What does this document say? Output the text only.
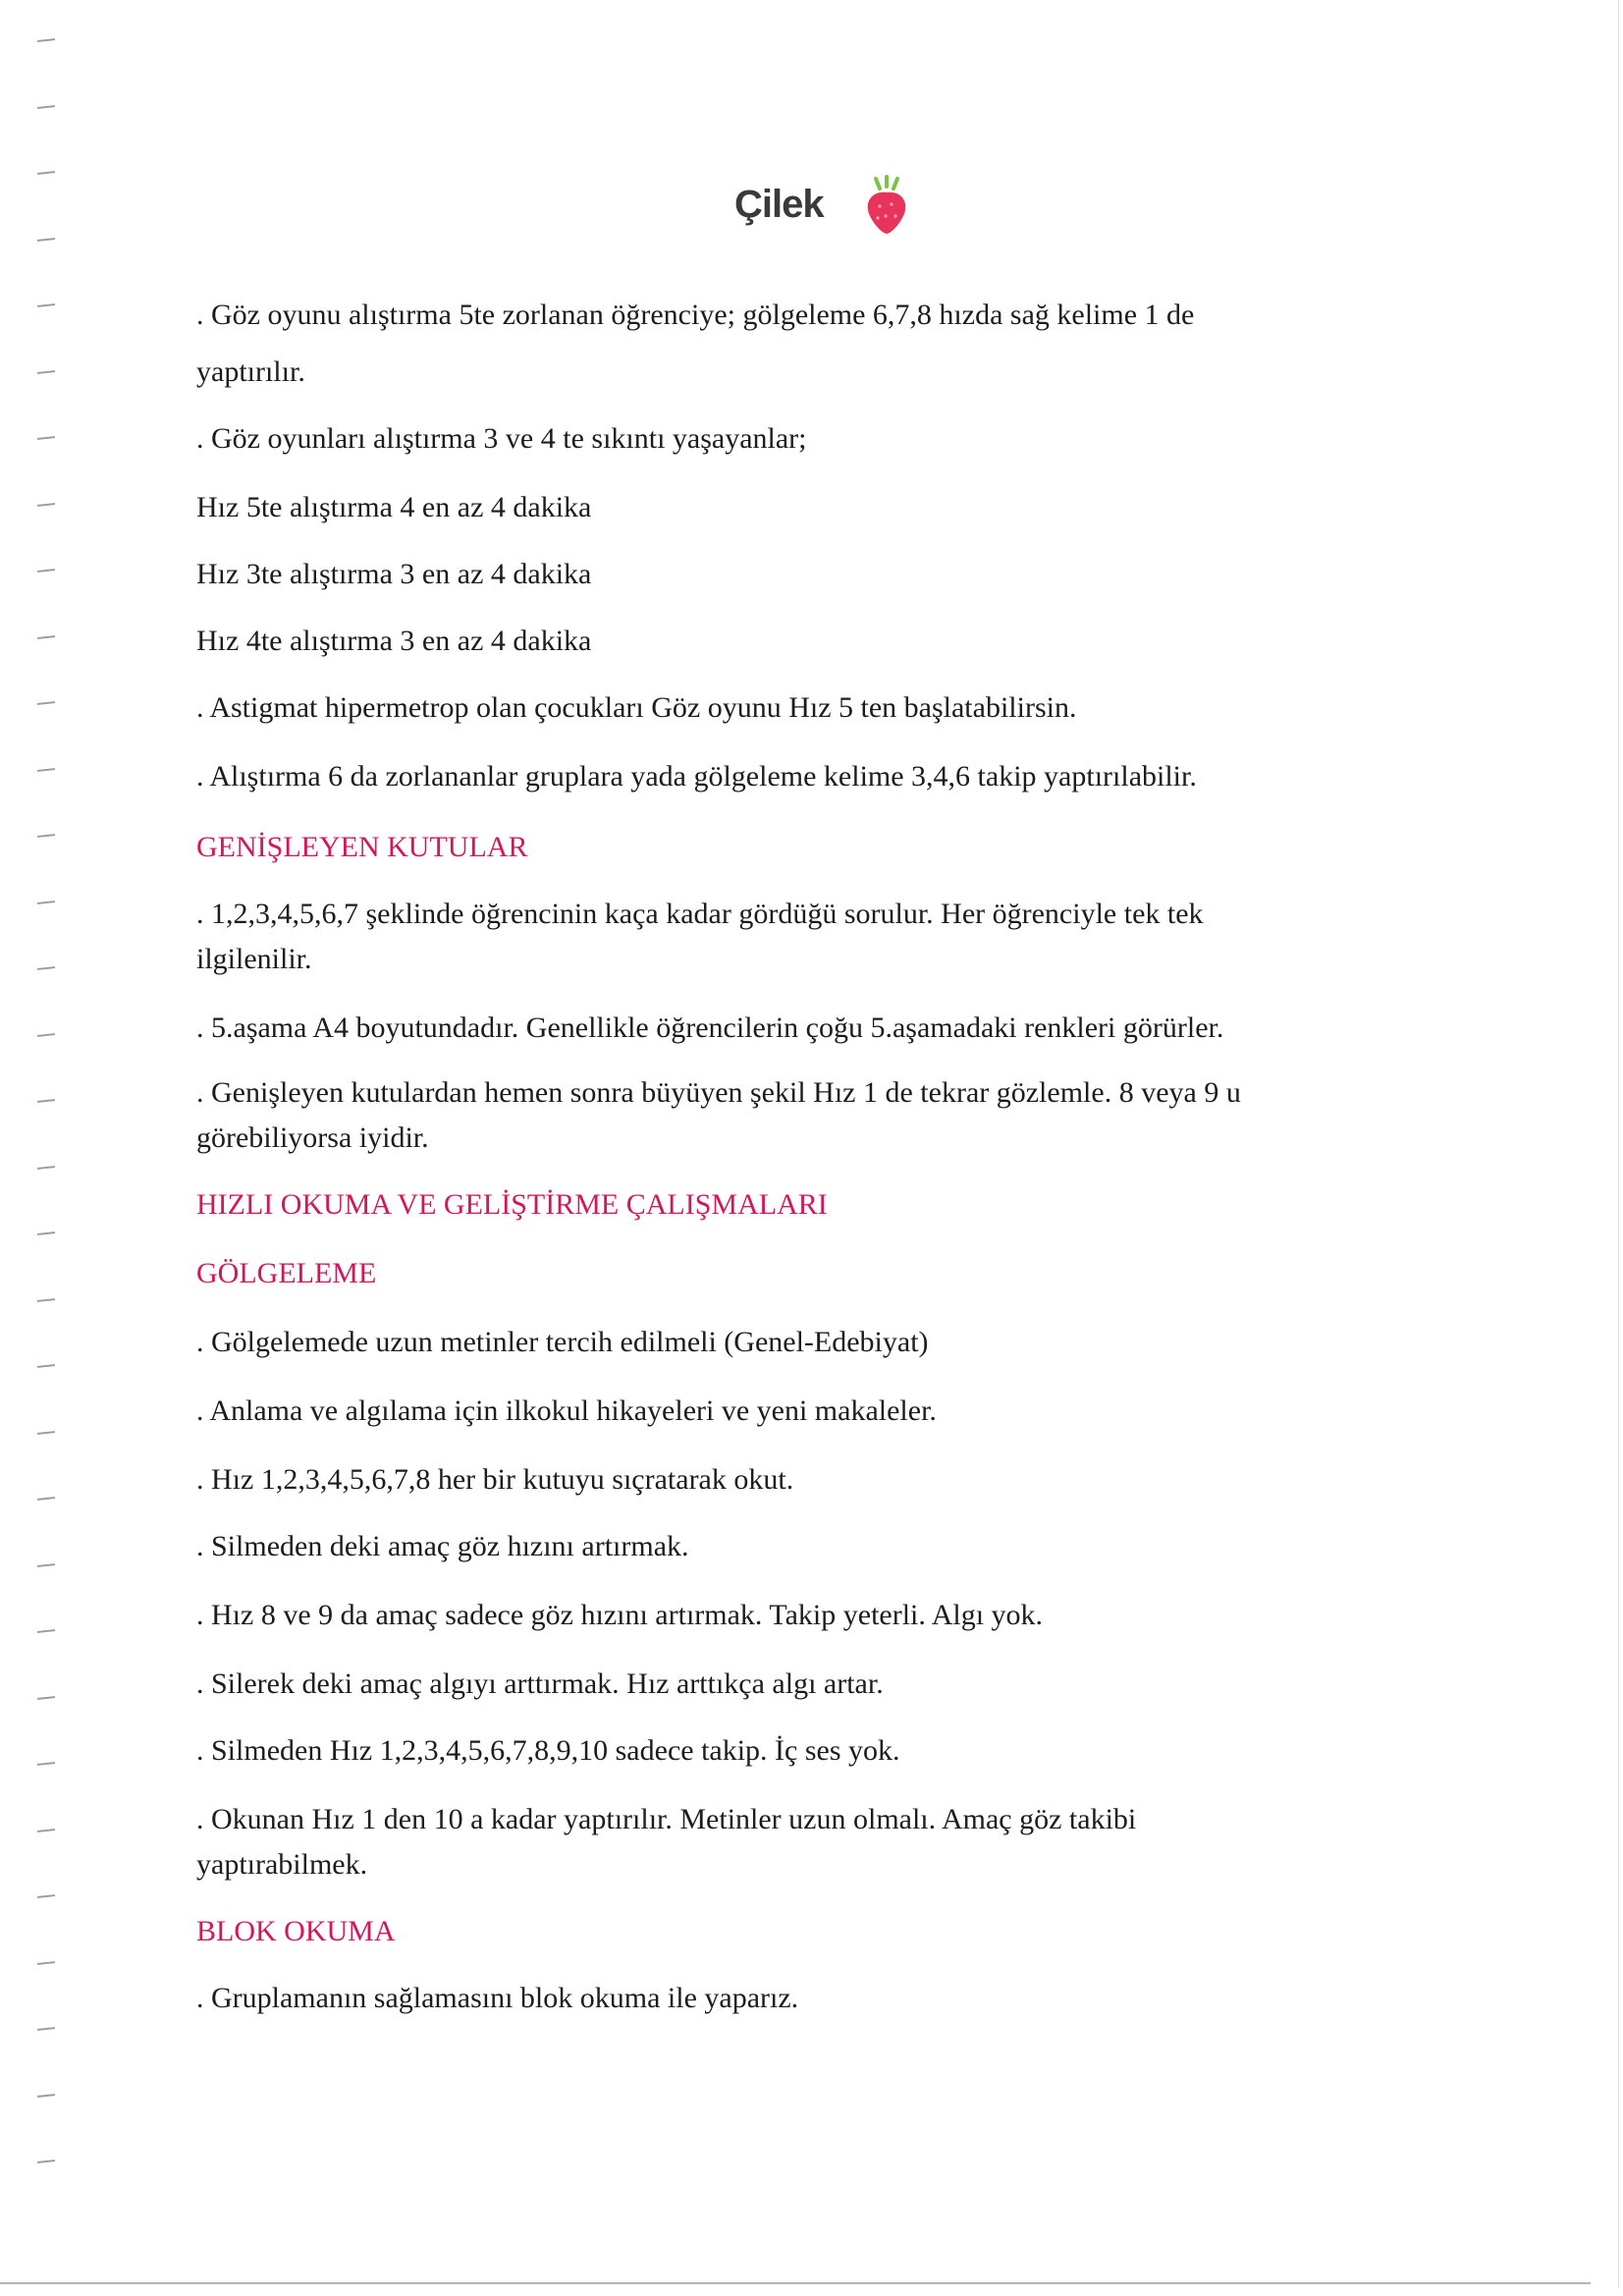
Çilek
. Göz oyunu alıştırma 5te zorlanan öğrenciye; gölgeleme 6,7,8 hızda sağ kelime 1 de
yaptırılır.
. Göz oyunları alıştırma 3 ve 4 te sıkıntı yaşayanlar;
Hız 5te alıştırma 4 en az 4 dakika
Hız 3te alıştırma 3 en az 4 dakika
Hız 4te alıştırma 3 en az 4 dakika
. Astigmat hipermetrop olan çocukları Göz oyunu Hız 5 ten başlatabilirsin.
. Alıştırma 6 da zorlananlar gruplara yada gölgeleme kelime 3,4,6 takip yaptırılabilir.
GENİŞLEYEN KUTULAR
. 1,2,3,4,5,6,7 şeklinde öğrencinin kaça kadar gördüğü sorulur. Her öğrenciyle tek tek
ilgilenilir.
. 5.aşama A4 boyutundadır. Genellikle öğrencilerin çoğu 5.aşamadaki renkleri görürler.
. Genişleyen kutulardan hemen sonra büyüyen şekil Hız 1 de tekrar gözlemle. 8 veya 9 u
görebiliyorsa iyidir.
HIZLI OKUMA VE GELİŞTİRME ÇALIŞMALARI
GÖLGELEME
. Gölgelemede uzun metinler tercih edilmeli (Genel-Edebiyat)
. Anlama ve algılama için ilkokul hikayeleri ve yeni makaleler.
. Hız 1,2,3,4,5,6,7,8 her bir kutuyu sıçratarak okut.
. Silmeden deki amaç göz hızını artırmak.
. Hız 8 ve 9 da amaç sadece göz hızını artırmak. Takip yeterli. Algı yok.
. Silerek deki amaç algıyı arttırmak. Hız arttıkça algı artar.
. Silmeden Hız 1,2,3,4,5,6,7,8,9,10 sadece takip. İç ses yok.
. Okunan Hız 1 den 10 a kadar yaptırılır. Metinler uzun olmalı. Amaç göz takibi
yaptırabilmek.
BLOK OKUMA
. Gruplamanın sağlamasını blok okuma ile yaparız.
